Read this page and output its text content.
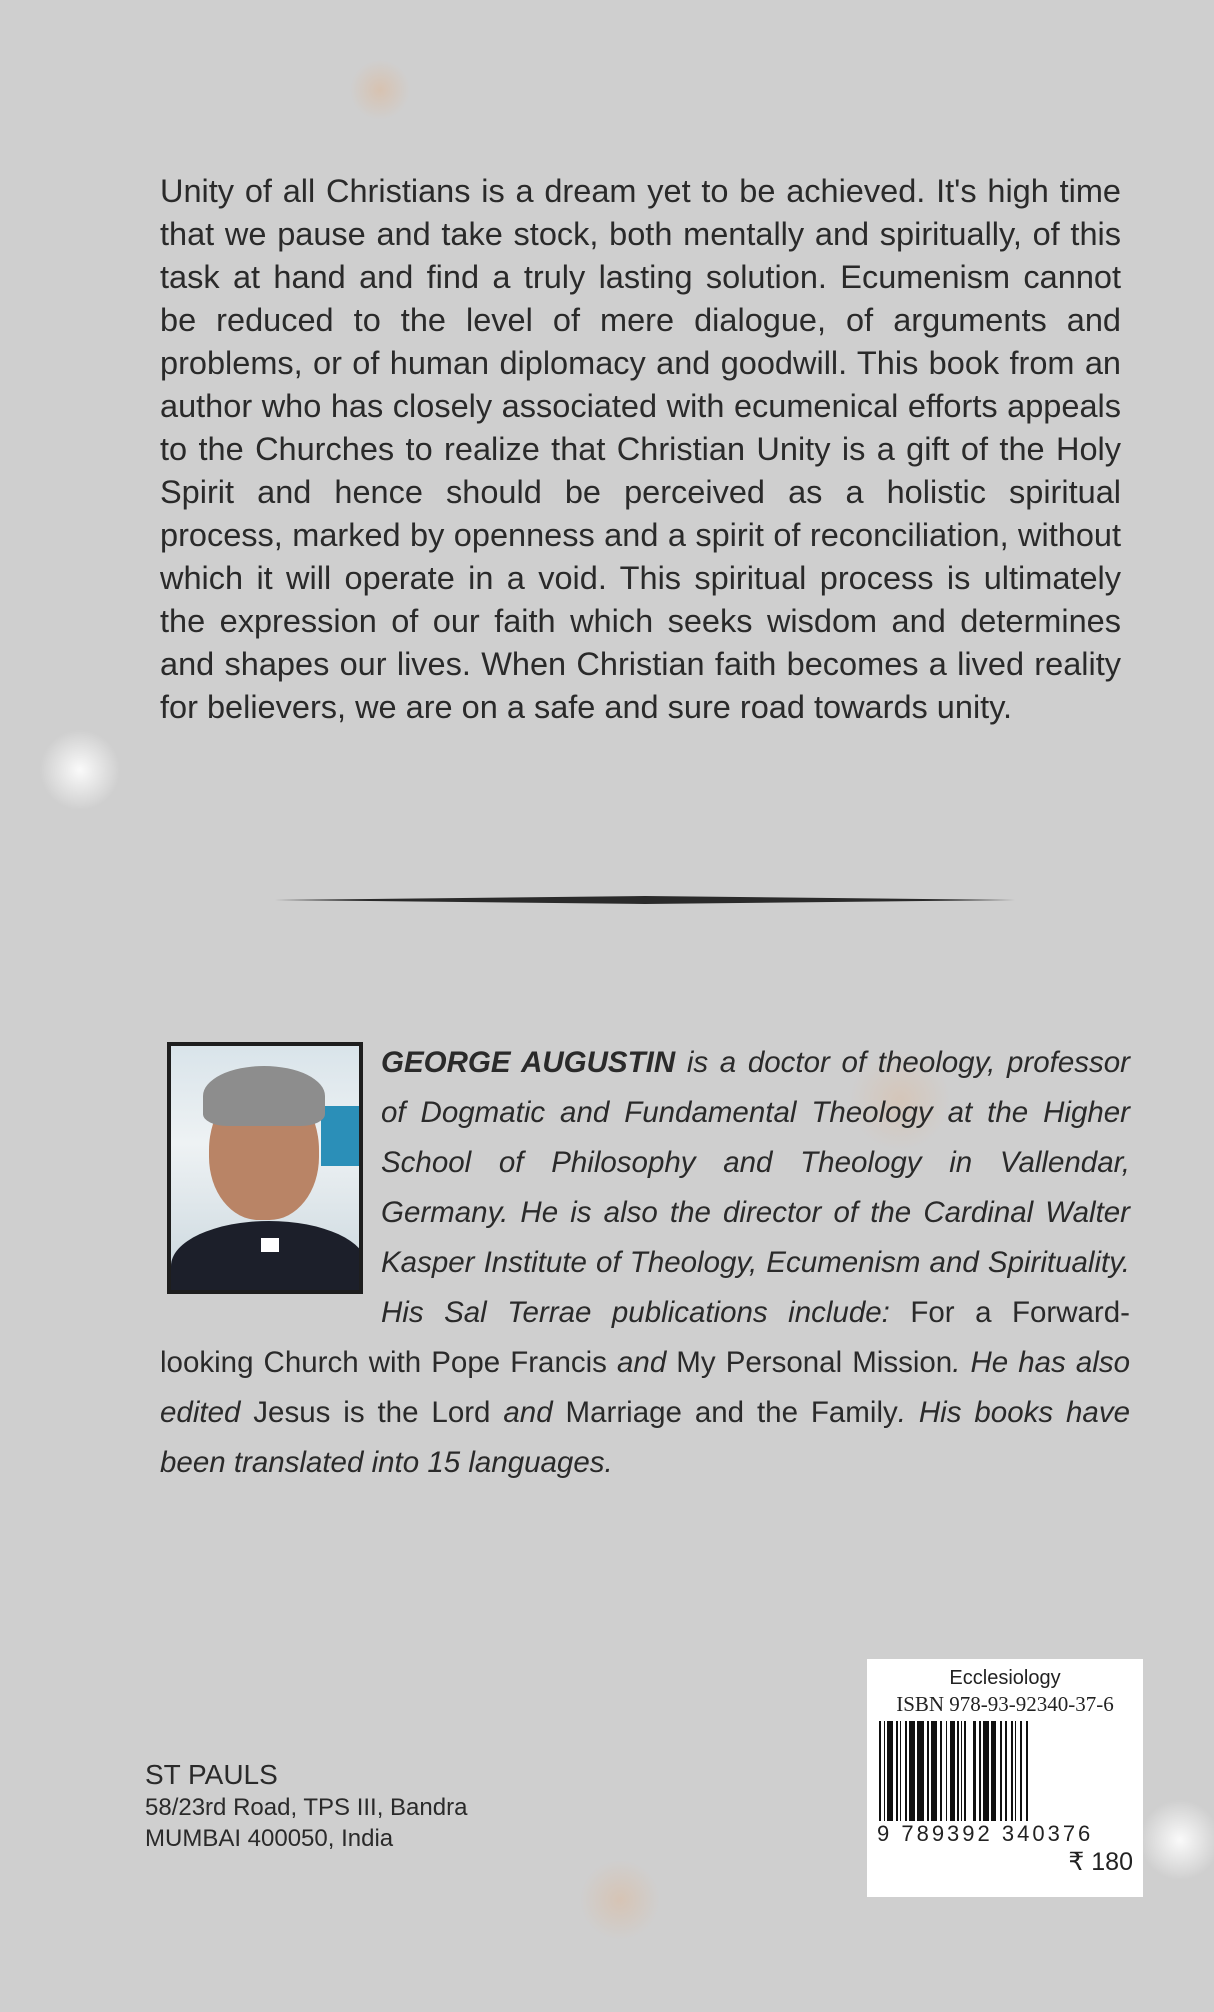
Unity of all Christians is a dream yet to be achieved. It's high time that we pause and take stock, both mentally and spiritually, of this task at hand and find a truly lasting solution. Ecumenism cannot be reduced to the level of mere dialogue, of arguments and problems, or of human diplomacy and goodwill. This book from an author who has closely associated with ecumenical efforts appeals to the Churches to realize that Christian Unity is a gift of the Holy Spirit and hence should be perceived as a holistic spiritual process, marked by openness and a spirit of reconciliation, without which it will operate in a void. This spiritual process is ultimately the expression of our faith which seeks wisdom and determines and shapes our lives. When Christian faith becomes a lived reality for believers, we are on a safe and sure road towards unity.
GEORGE AUGUSTIN is a doctor of theology, professor of Dogmatic and Fundamental Theology at the Higher School of Philosophy and Theology in Vallendar, Germany. He is also the director of the Cardinal Walter Kasper Institute of Theology, Ecumenism and Spirituality. His Sal Terrae publications include: For a Forward-looking Church with Pope Francis and My Personal Mission. He has also edited Jesus is the Lord and Marriage and the Family. His books have been translated into 15 languages.
ST PAULS
58/23rd Road, TPS III, Bandra
MUMBAI 400050, India
Ecclesiology
ISBN 978-93-92340-37-6
9 789392 340376
₹ 180
